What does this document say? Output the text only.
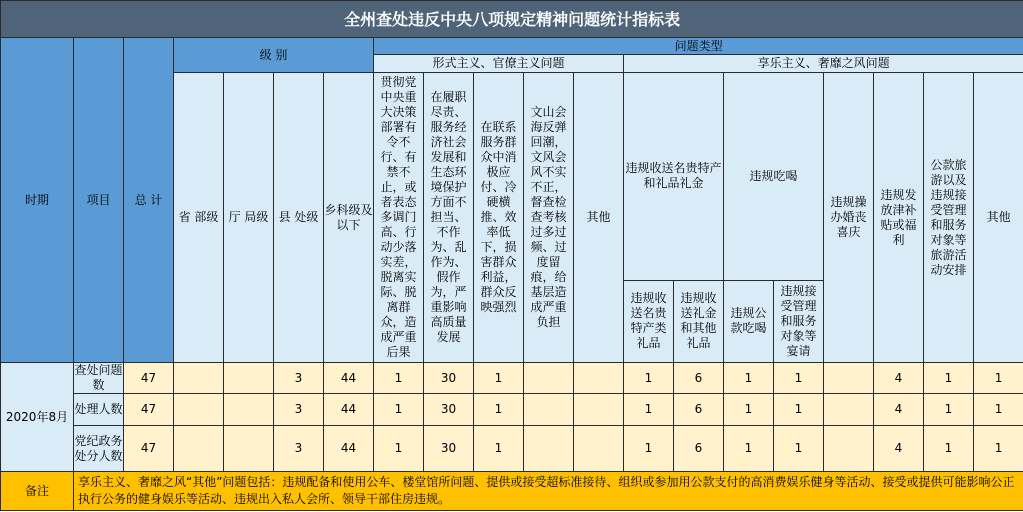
全州查处违反中央八项规定精神问题统计指标表																			
时期	项目	总 计	级 别				问题类型												
							形式主义、官僚主义问题					享乐主义、奢靡之风问题							
			省 部级	厅 局级	县 处级	乡科级及以下	贯彻党中央重大决策部署有令不行、有禁不止，或者表态多调门高、行动少落实差，脱离实际、脱离群众，造成严重后果	在履职尽责、服务经济社会发展和生态环境保护方面不担当、不作为、乱作为、假作为，严重影响高质量发展	在联系服务群众中消极应付、冷硬横推、效率低下，损害群众利益，群众反映强烈	文山会海反弹回潮，文风会风不实不正，督查检查考核过多过频、过度留痕，给基层造成严重负担	其他	违规收送名贵特产和礼品礼金		违规吃喝		违规操办婚丧喜庆	违规发放津补贴或福利	公款旅游以及违规接受管理和服务对象等旅游活动安排	其他
												违规收送名贵特产类礼品	违规收送礼金和其他礼品	违规公款吃喝	违规接受管理和服务对象等宴请				
2020年8月	查处问题数	47			3	44	1	30	1			1	6	1	1		4	1	1
	处理人数	47			3	44	1	30	1			1	6	1	1		4	1	1
	党纪政务处分人数	47			3	44	1	30	1			1	6	1	1		4	1	1
备注	享乐主义、奢靡之风“其他”问题包括：违规配备和使用公车、楼堂馆所问题、提供或接受超标准接待、组织或参加用公款支付的高消费娱乐健身等活动、接受或提供可能影响公正执行公务的健身娱乐等活动、违规出入私人会所、领导干部住房违规。																		
